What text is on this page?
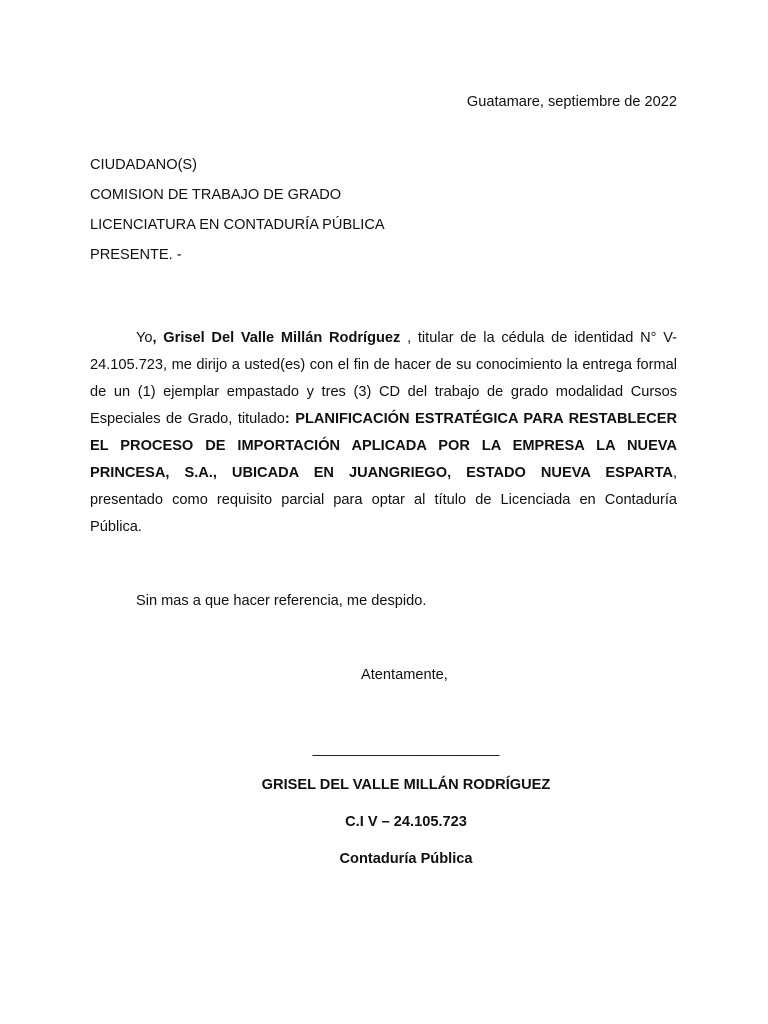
Guatamare, septiembre de 2022
CIUDADANO(S)
COMISION DE TRABAJO DE GRADO
LICENCIATURA EN CONTADURÍA PÚBLICA
PRESENTE. -
Yo, Grisel Del Valle Millán Rodríguez , titular de la cédula de identidad N° V-24.105.723, me dirijo a usted(es) con el fin de hacer de su conocimiento la entrega formal de un (1) ejemplar empastado y tres (3) CD del trabajo de grado modalidad Cursos Especiales de Grado, titulado: PLANIFICACIÓN ESTRATÉGICA PARA RESTABLECER EL PROCESO DE IMPORTACIÓN APLICADA POR LA EMPRESA LA NUEVA PRINCESA, S.A., UBICADA EN JUANGRIEGO, ESTADO NUEVA ESPARTA, presentado como requisito parcial para optar al título de Licenciada en Contaduría Pública.
Sin mas a que hacer referencia, me despido.
Atentamente,
_______________________
GRISEL DEL VALLE MILLÁN RODRÍGUEZ
C.I V – 24.105.723
Contaduría Pública
